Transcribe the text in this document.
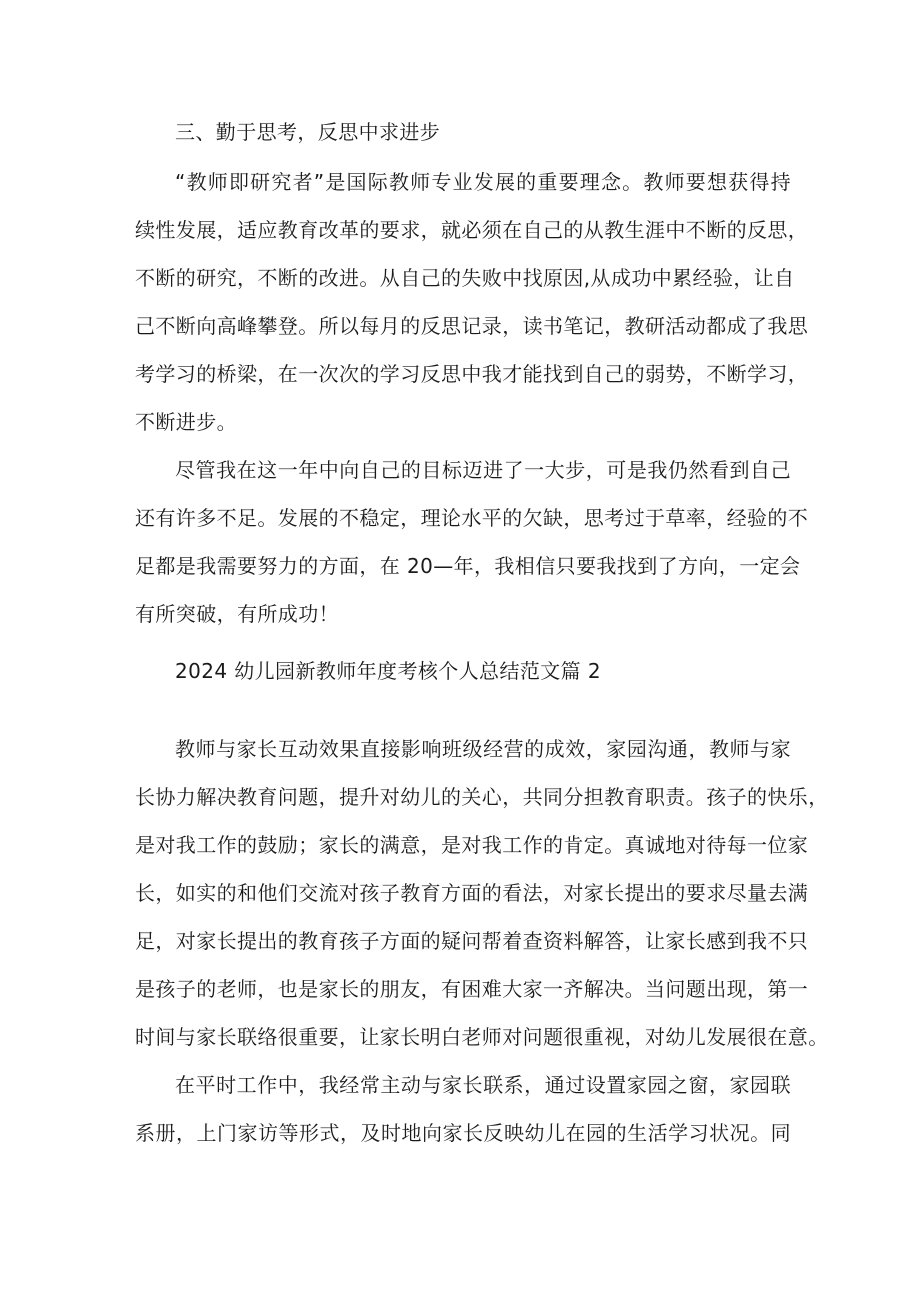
三、勤于思考，反思中求进步
“教师即研究者”是国际教师专业发展的重要理念。教师要想获得持
续性发展，适应教育改革的要求，就必须在自己的从教生涯中不断的反思，
不断的研究，不断的改进。从自己的失败中找原因,从成功中累经验，让自
己不断向高峰攀登。所以每月的反思记录，读书笔记，教研活动都成了我思
考学习的桥梁，在一次次的学习反思中我才能找到自己的弱势，不断学习，
不断进步。
尽管我在这一年中向自己的目标迈进了一大步，可是我仍然看到自己
还有许多不足。发展的不稳定，理论水平的欠缺，思考过于草率，经验的不
足都是我需要努力的方面，在 20—年，我相信只要我找到了方向，一定会
有所突破，有所成功！
2024 幼儿园新教师年度考核个人总结范文篇 2
教师与家长互动效果直接影响班级经营的成效，家园沟通，教师与家
长协力解决教育问题，提升对幼儿的关心，共同分担教育职责。孩子的快乐，
是对我工作的鼓励；家长的满意，是对我工作的肯定。真诚地对待每一位家
长，如实的和他们交流对孩子教育方面的看法，对家长提出的要求尽量去满
足，对家长提出的教育孩子方面的疑问帮着查资料解答，让家长感到我不只
是孩子的老师，也是家长的朋友，有困难大家一齐解决。当问题出现，第一
时间与家长联络很重要，让家长明白老师对问题很重视，对幼儿发展很在意。
在平时工作中，我经常主动与家长联系，通过设置家园之窗，家园联
系册，上门家访等形式，及时地向家长反映幼儿在园的生活学习状况。同
